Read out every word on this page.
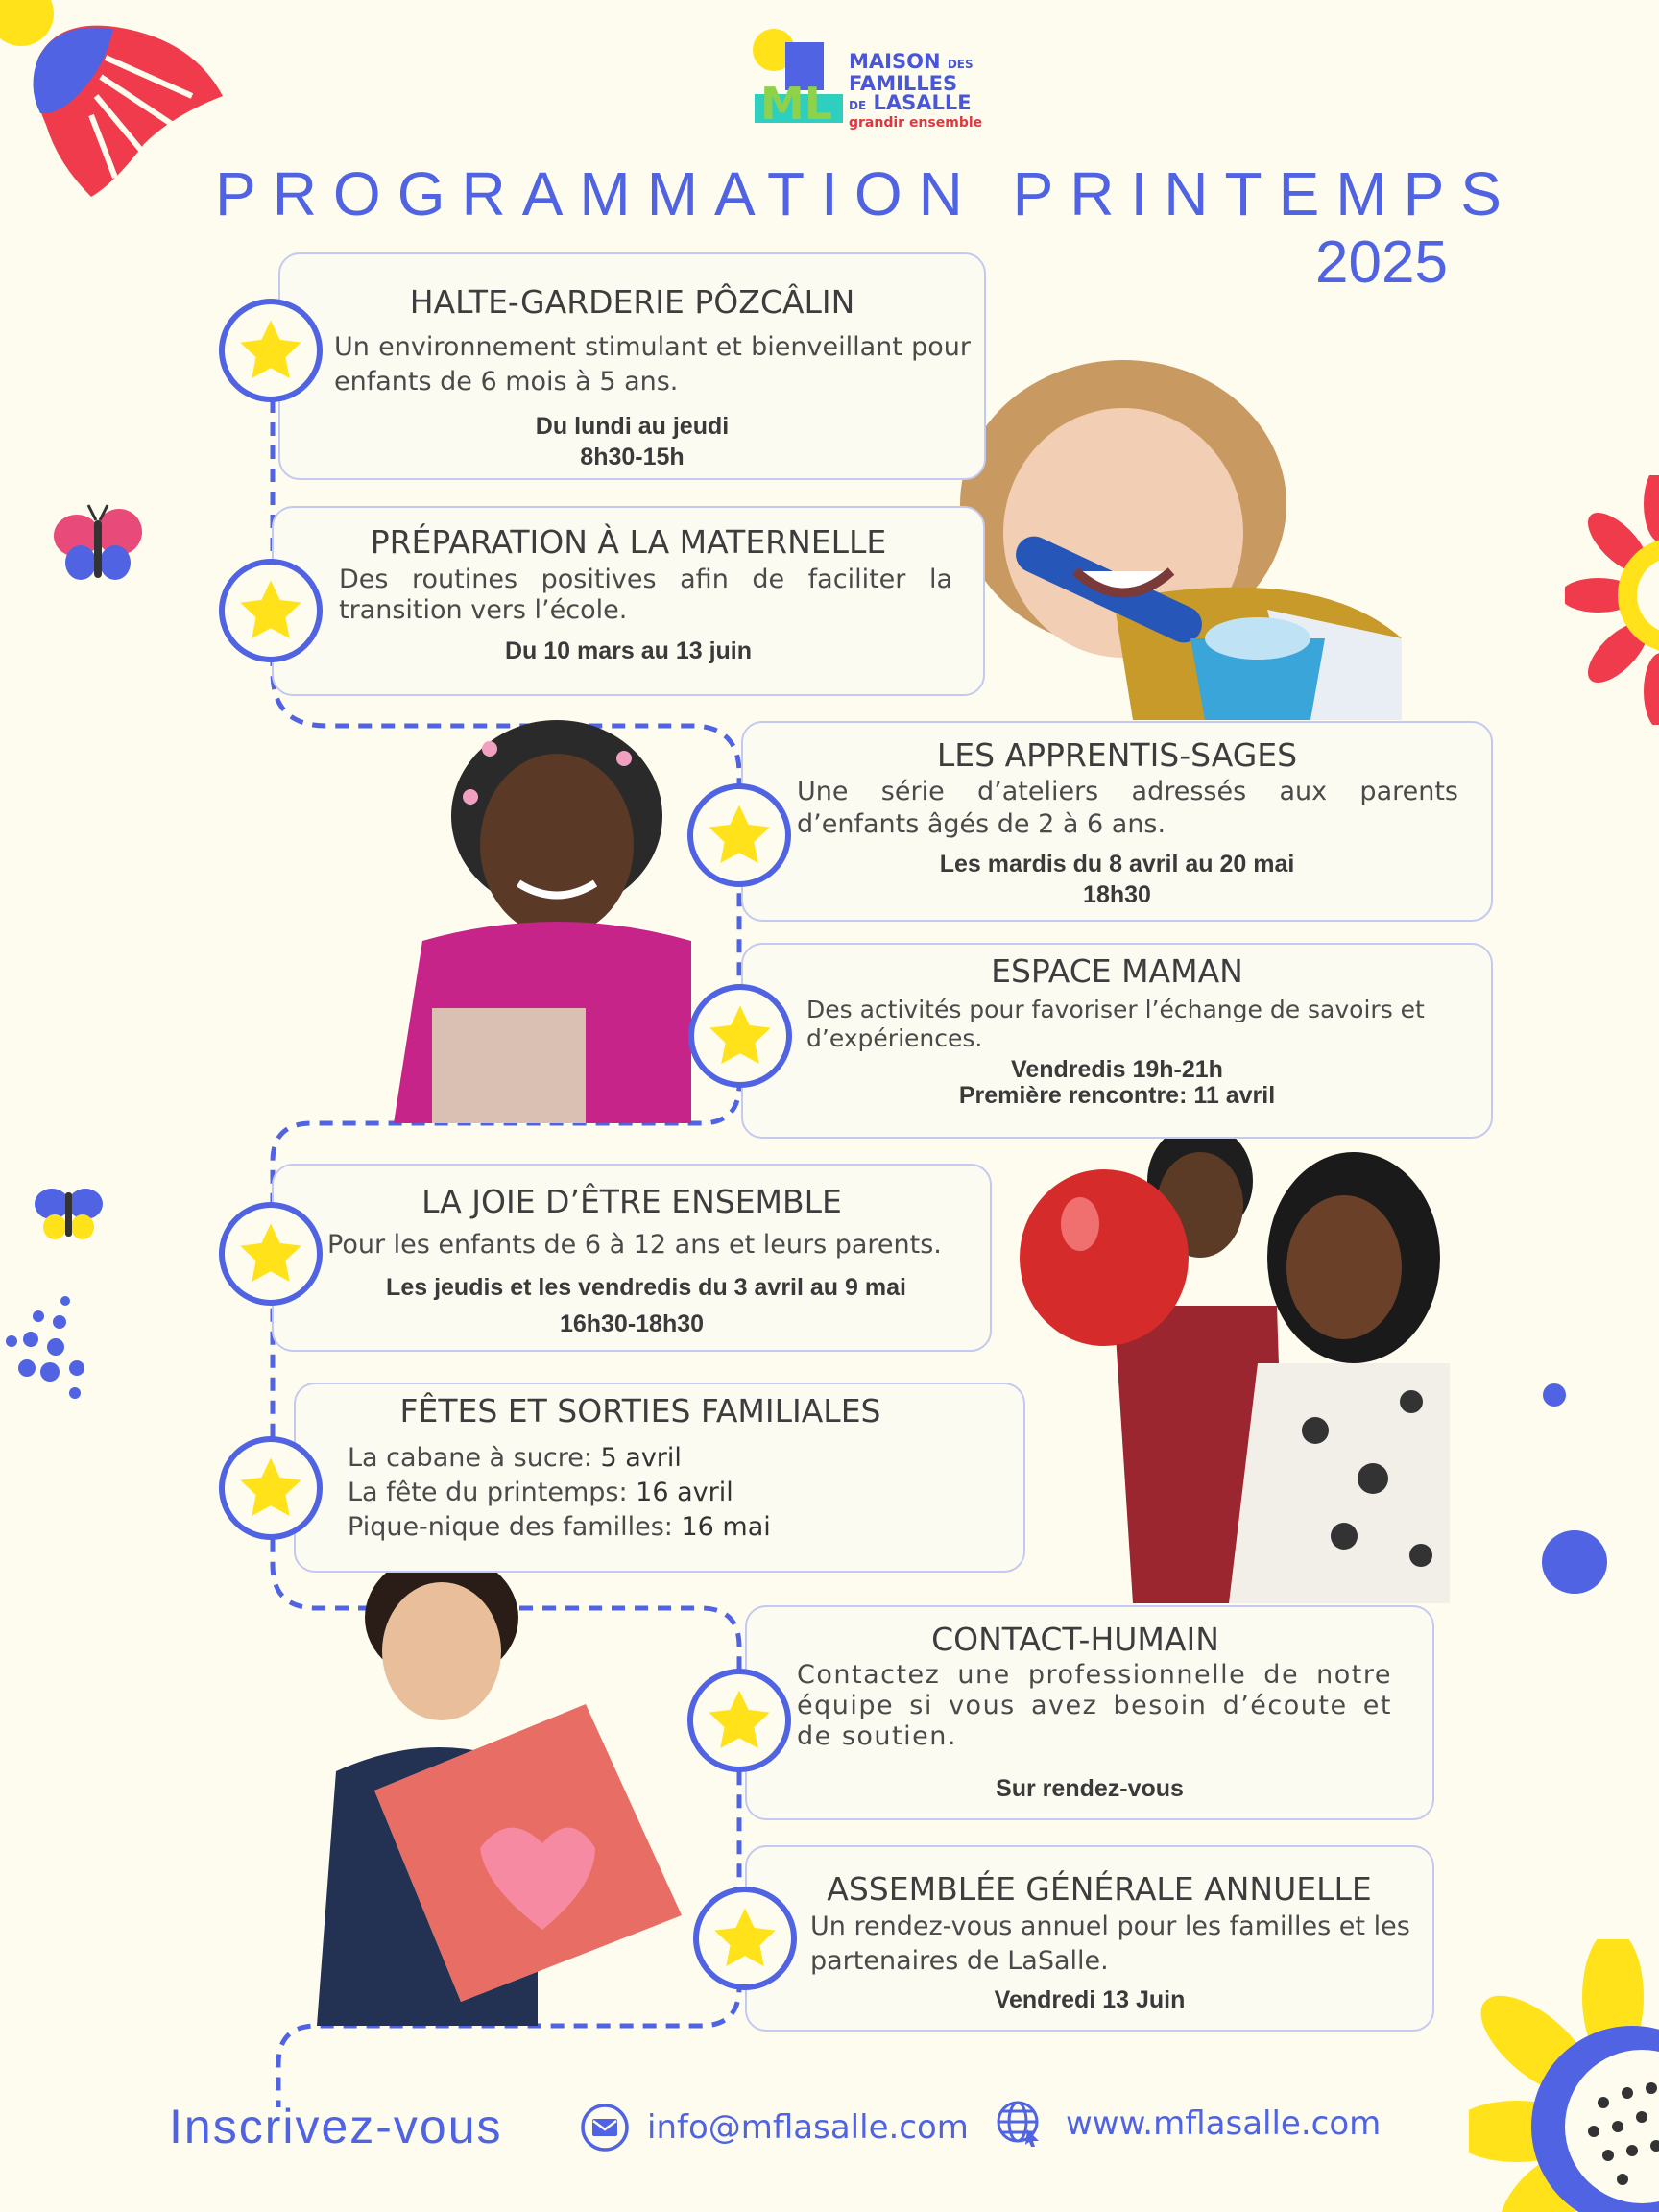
ML
MAISON DES
FAMILLES
DE LASALLE
grandir ensemble
PROGRAMMATION PRINTEMPS
2025
HALTE-GARDERIE PÔZCÂLIN

Un environnement stimulant et bienveillant pour enfants de 6 mois à 5 ans.

Du lundi au jeudi

8h30-15h

PRÉPARATION À LA MATERNELLE

Des routines positives afin de faciliter la transition vers l’école.

Du 10 mars au 13 juin

LES APPRENTIS-SAGES

Une série d’ateliers adressés aux parents d’enfants âgés de 2 à 6 ans.

Les mardis du 8 avril au 20 mai

18h30

ESPACE MAMAN

Des activités pour favoriser l’échange de savoirs et d’expériences.

Vendredis 19h-21h

Première rencontre: 11 avril

LA JOIE D’ÊTRE ENSEMBLE

Pour les enfants de 6 à 12 ans et leurs parents.

Les jeudis et les vendredis du 3 avril au 9 mai

16h30-18h30

FÊTES ET SORTIES FAMILIALES

La cabane à sucre: 5 avril

La fête du printemps: 16 avril

Pique-nique des familles: 16 mai

CONTACT-HUMAIN

Contactez une professionnelle de notre équipe si vous avez besoin d’écoute et de soutien.

Sur rendez-vous

ASSEMBLÉE GÉNÉRALE ANNUELLE

Un rendez-vous annuel pour les familles et les partenaires de LaSalle.

Vendredi 13 Juin

Inscrivez-vous	info@mflasalle.com	www.mflasalle.com
